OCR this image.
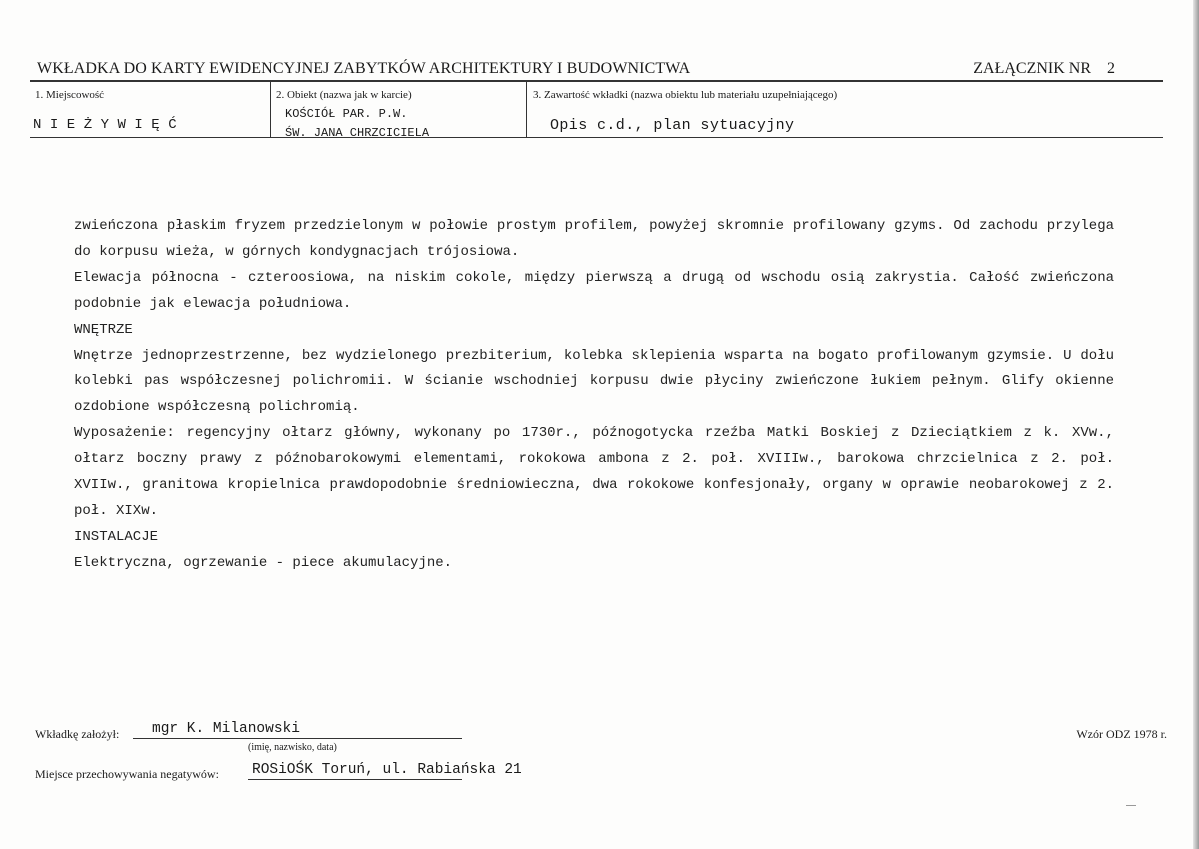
WKŁADKA DO KARTY EWIDENCYJNEJ ZABYTKÓW ARCHITEKTURY I BUDOWNICTWA	ZAŁĄCZNIK NR 2
1. Miejscowość
NIEŻYWIĘĆ
2. Obiekt (nazwa jak w karcie)
KOŚCIÓŁ PAR. P.W.
ŚW. JANA CHRZCICIELA
3. Zawartość wkładki (nazwa obiektu lub materiału uzupełniającego)
Opis c.d., plan sytuacyjny

zwieńczona płaskim fryzem przedzielonym w połowie prostym profilem, powyżej skromnie profilowany gzyms. Od zachodu przylega do korpusu wieża, w górnych kondygnacjach trójosiowa.

Elewacja północna - czteroosiowa, na niskim cokole, między pierwszą a drugą od wschodu osią zakrystia. Całość zwieńczona podobnie jak elewacja południowa.

WNĘTRZE

Wnętrze jednoprzestrzenne, bez wydzielonego prezbiterium, kolebka sklepienia wsparta na bogato profilowanym gzymsie. U dołu kolebki pas współczesnej polichromii. W ścianie wschodniej korpusu dwie płyciny zwieńczone łukiem pełnym. Glify okienne ozdobione współczesną polichromią.

Wyposażenie: regencyjny ołtarz główny, wykonany po 1730r., późnogotycka rzeźba Matki Boskiej z Dzieciątkiem z k. XVw., ołtarz boczny prawy z późnobarokowymi elementami, rokokowa ambona z 2. poł. XVIIIw., barokowa chrzcielnica z 2. poł. XVIIw., granitowa kropielnica prawdopodobnie średniowieczna, dwa rokokowe konfesjonały, organy w oprawie neobarokowej z 2. poł. XIXw.

INSTALACJE

Elektryczna, ogrzewanie - piece akumulacyjne.

Wkładkę założył: mgr K. Milanowski
(imię, nazwisko, data)
Miejsce przechowywania negatywów: ROSiOŚK Toruń, ul. Rabiańska 21
Wzór ODZ 1978 r.
